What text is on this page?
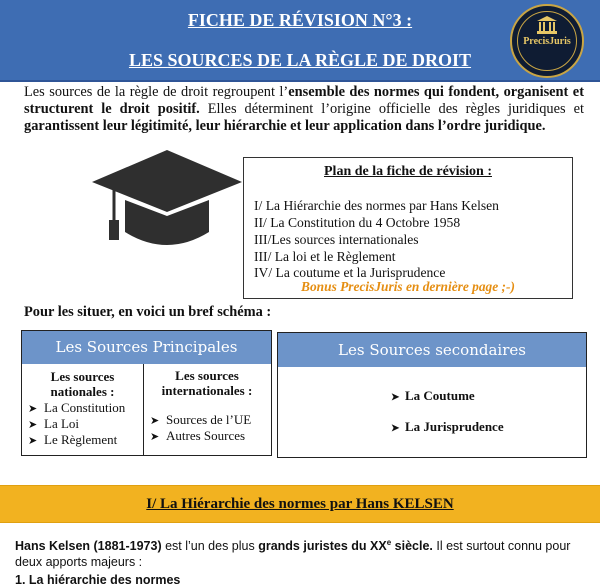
FICHE DE RÉVISION N°3 :
LES SOURCES DE LA RÈGLE DE DROIT
PrecisJuris
Les sources de la règle de droit regroupent l’ensemble des normes qui fondent, organisent et structurent le droit positif. Elles déterminent l’origine officielle des règles juridiques et garantissent leur légitimité, leur hiérarchie et leur application dans l’ordre juridique.
Plan de la fiche de révision :
I/ La Hiérarchie des normes par Hans Kelsen
II/ La Constitution du 4 Octobre 1958
III/Les sources internationales
III/ La loi et le Règlement
IV/ La coutume et la Jurisprudence
Bonus PrecisJuris en dernière page ;-)
Pour les situer, en voici un bref schéma :
Les Sources Principales
Les sources
nationales :
➤ La Constitution
➤ La Loi
➤ Le Règlement
Les sources
internationales :
➤ Sources de l’UE
➤ Autres Sources
Les Sources secondaires
➤ La Coutume
➤ La Jurisprudence
I/ La Hiérarchie des normes par Hans KELSEN
Hans Kelsen (1881-1973) est l’un des plus grands juristes du XXe siècle. Il est surtout connu pour deux apports majeurs :
1. La hiérarchie des normes
